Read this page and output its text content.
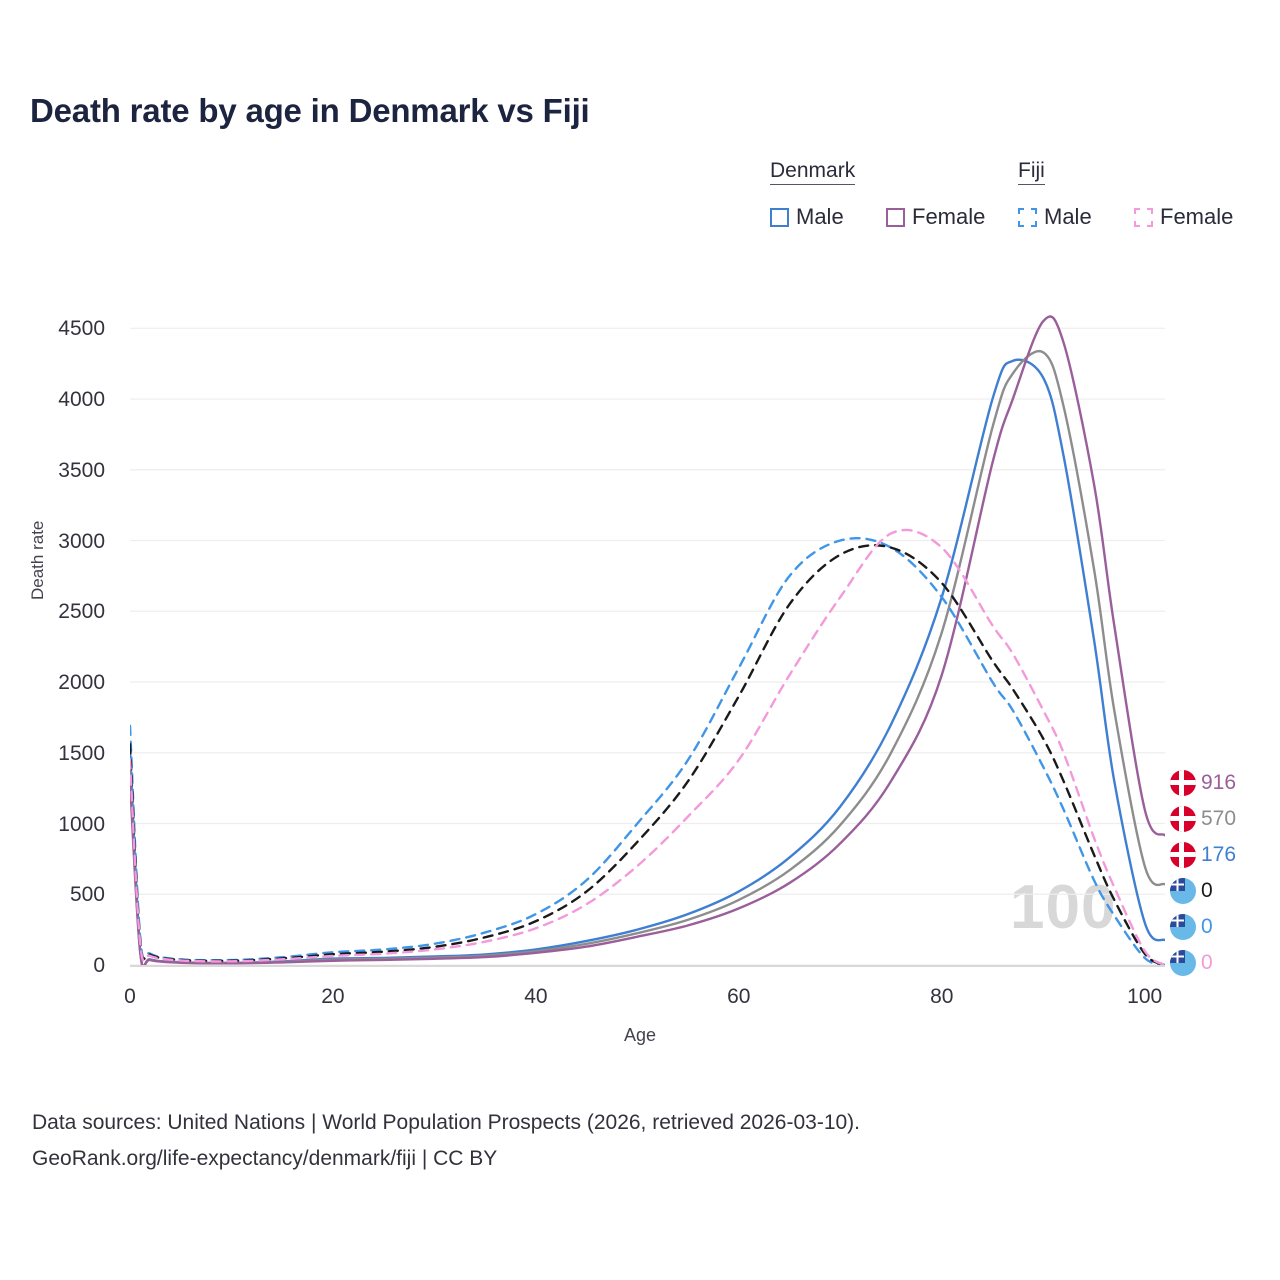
Death rate by age in Denmark vs Fiji
Denmark	Fiji
Male	Female	Male	Female
Death rate
Age
0
500
1000
1500
2000
2500
3000
3500
4000
4500
0	20	40	60	80	100
100
916
570
176
0
0
0
Data sources: United Nations | World Population Prospects (2026, retrieved 2026-03-10).
GeoRank.org/life-expectancy/denmark/fiji | CC BY
